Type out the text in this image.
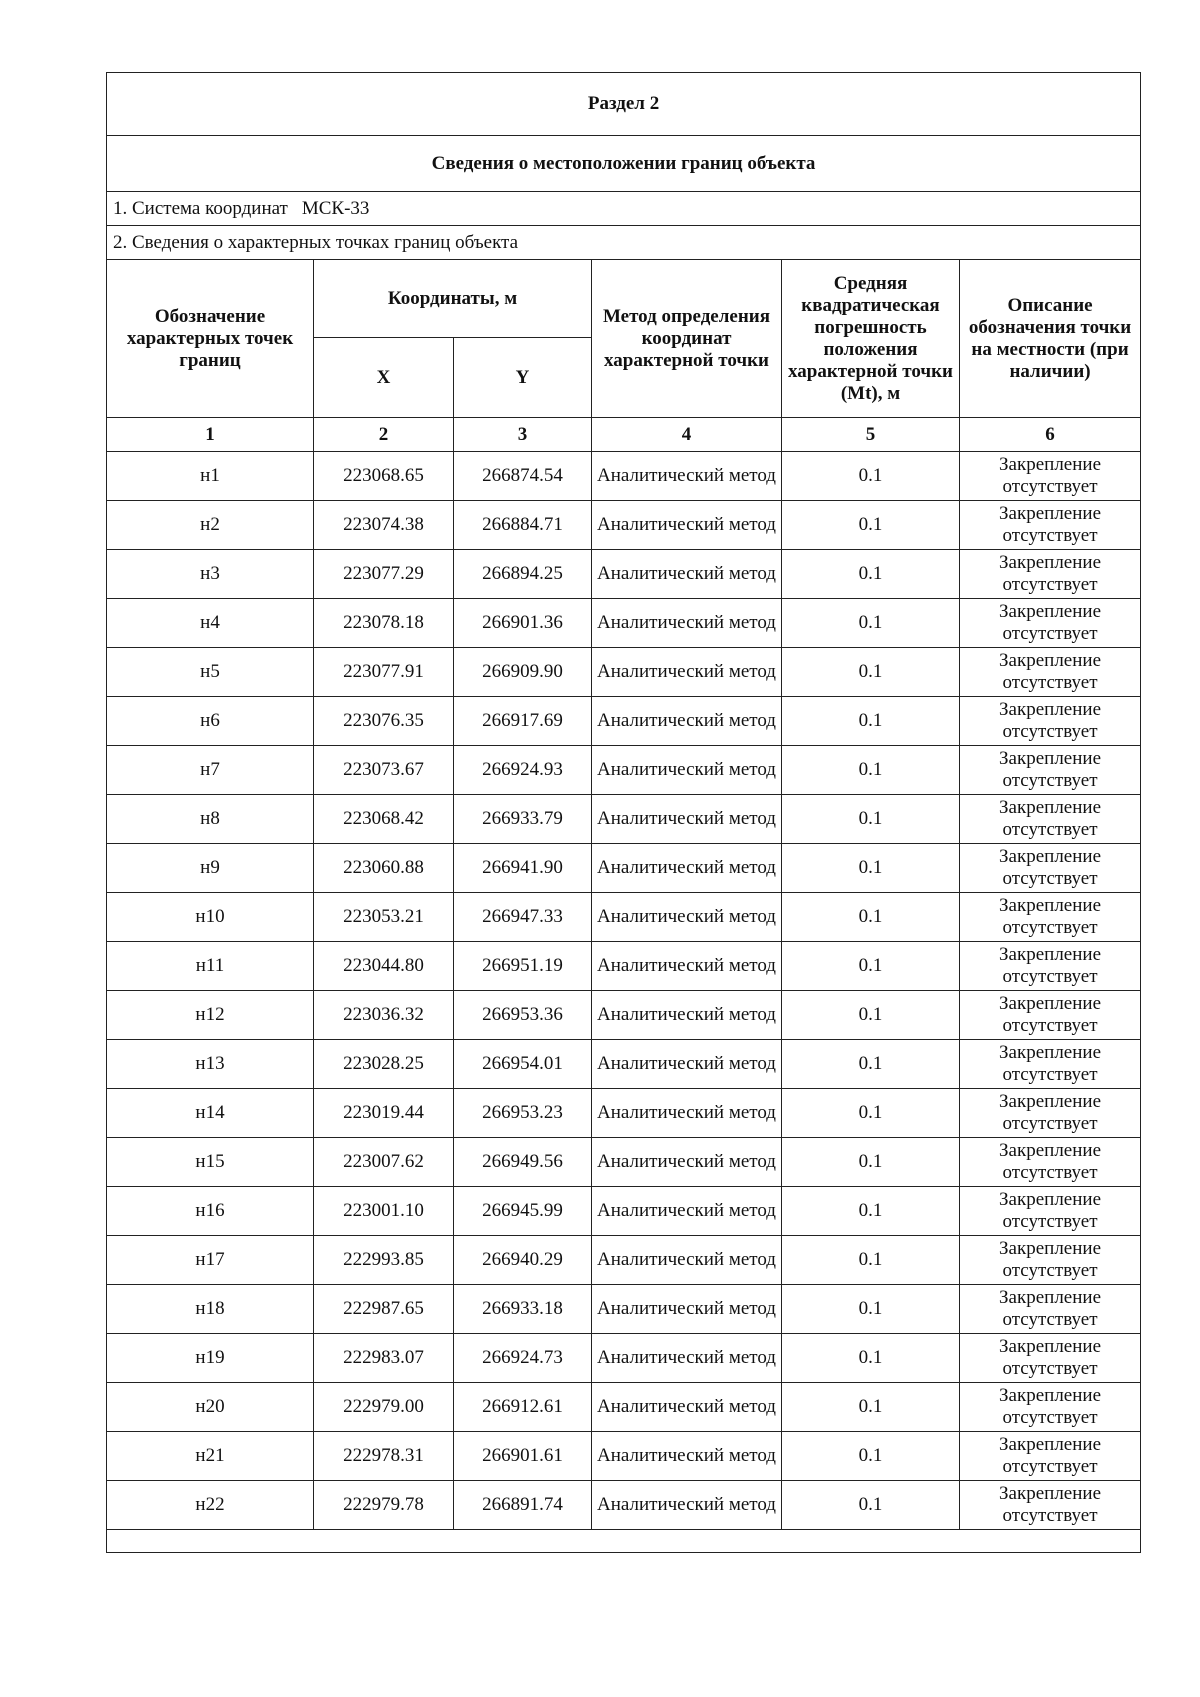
Раздел 2					
Сведения о местоположении границ объекта					
1. Система координат МСК-33					
2. Сведения о характерных точках границ объекта					
Обозначение характерных точек границ	Координаты, м		Метод определения координат характерной точки	Средняя квадратическая погрешность положения характерной точки (Mt), м	Описание обозначения точки на местности (при наличии)
	X	Y			
1	2	3	4	5	6
н1	223068.65	266874.54	Аналитический метод	0.1	Закрепление отсутствует
н2	223074.38	266884.71	Аналитический метод	0.1	Закрепление отсутствует
н3	223077.29	266894.25	Аналитический метод	0.1	Закрепление отсутствует
н4	223078.18	266901.36	Аналитический метод	0.1	Закрепление отсутствует
н5	223077.91	266909.90	Аналитический метод	0.1	Закрепление отсутствует
н6	223076.35	266917.69	Аналитический метод	0.1	Закрепление отсутствует
н7	223073.67	266924.93	Аналитический метод	0.1	Закрепление отсутствует
н8	223068.42	266933.79	Аналитический метод	0.1	Закрепление отсутствует
н9	223060.88	266941.90	Аналитический метод	0.1	Закрепление отсутствует
н10	223053.21	266947.33	Аналитический метод	0.1	Закрепление отсутствует
н11	223044.80	266951.19	Аналитический метод	0.1	Закрепление отсутствует
н12	223036.32	266953.36	Аналитический метод	0.1	Закрепление отсутствует
н13	223028.25	266954.01	Аналитический метод	0.1	Закрепление отсутствует
н14	223019.44	266953.23	Аналитический метод	0.1	Закрепление отсутствует
н15	223007.62	266949.56	Аналитический метод	0.1	Закрепление отсутствует
н16	223001.10	266945.99	Аналитический метод	0.1	Закрепление отсутствует
н17	222993.85	266940.29	Аналитический метод	0.1	Закрепление отсутствует
н18	222987.65	266933.18	Аналитический метод	0.1	Закрепление отсутствует
н19	222983.07	266924.73	Аналитический метод	0.1	Закрепление отсутствует
н20	222979.00	266912.61	Аналитический метод	0.1	Закрепление отсутствует
н21	222978.31	266901.61	Аналитический метод	0.1	Закрепление отсутствует
н22	222979.78	266891.74	Аналитический метод	0.1	Закрепление отсутствует
